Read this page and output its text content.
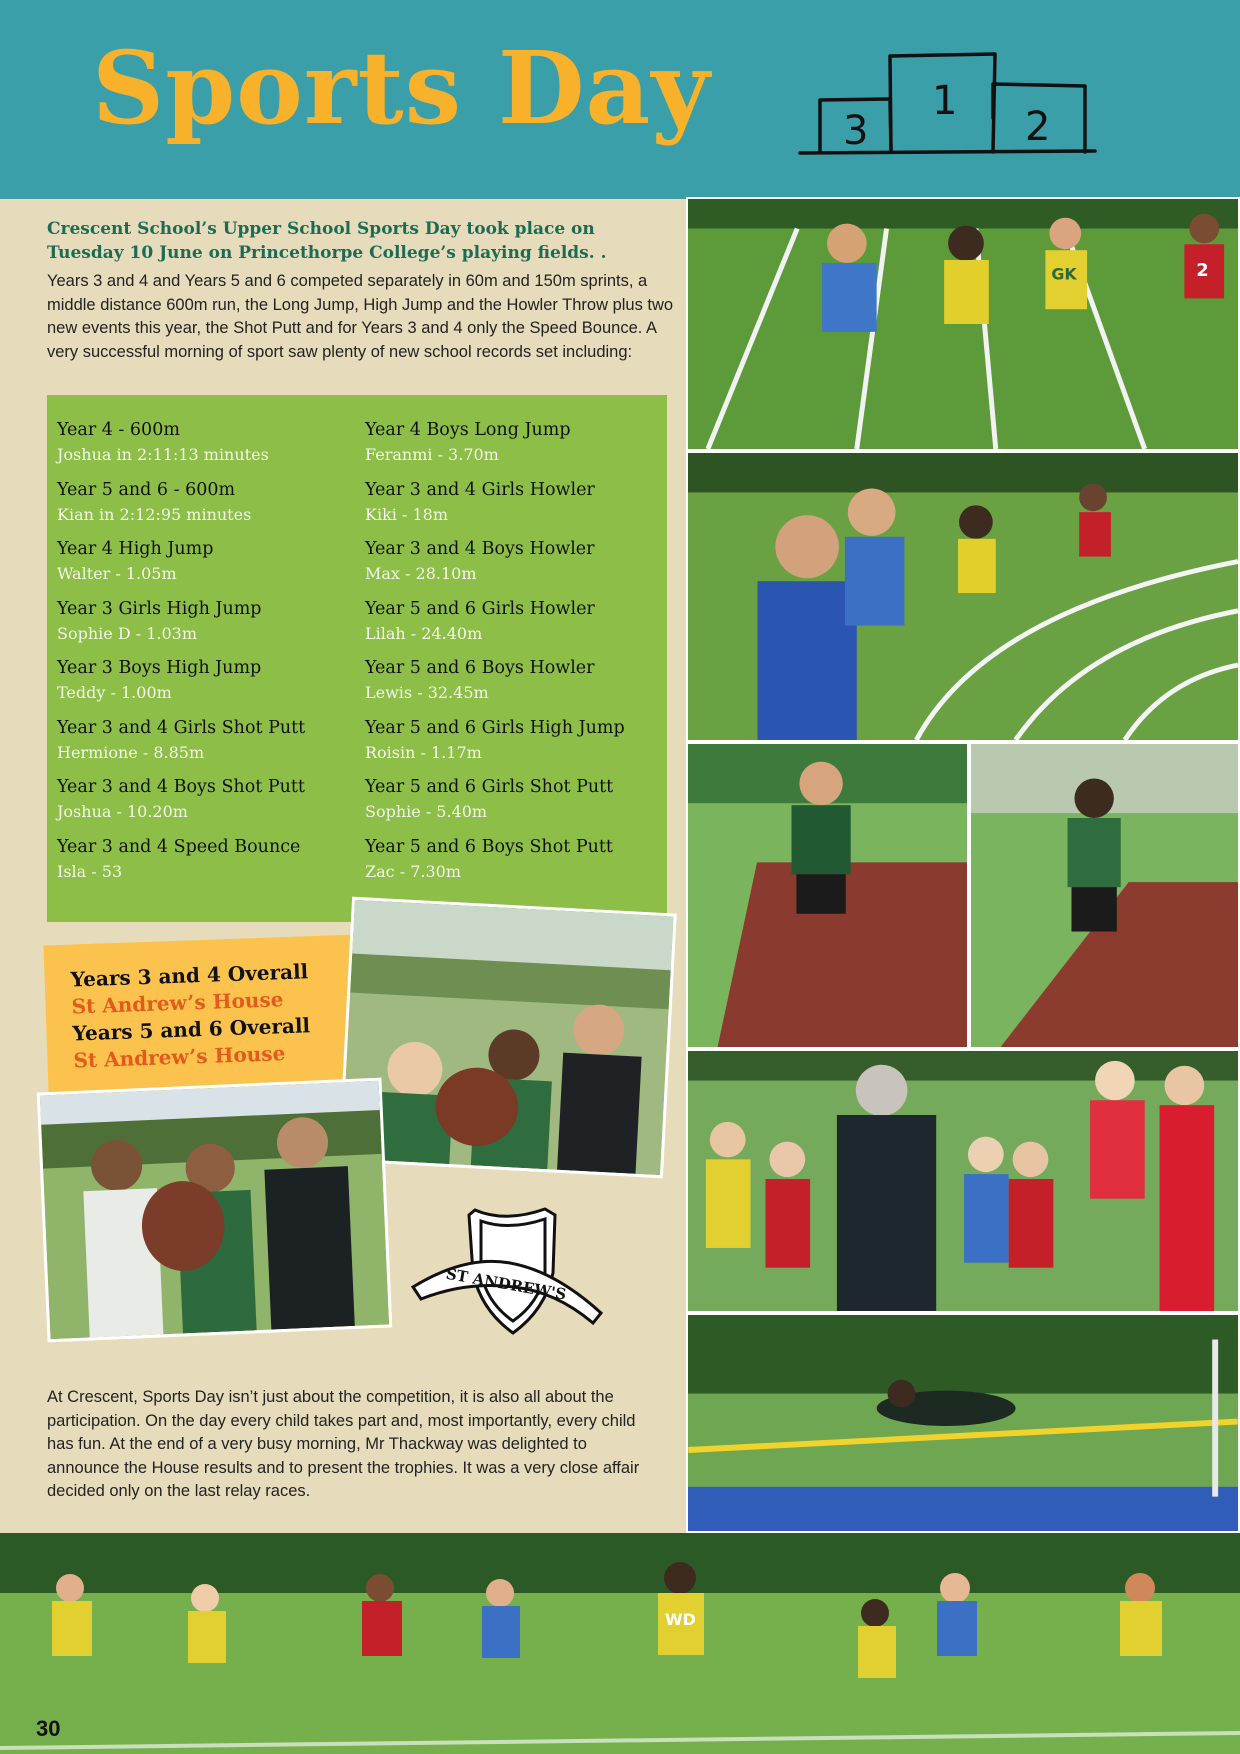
Sports Day	3
1
2
Crescent School’s Upper School Sports Day took place on Tuesday 10 June on Princethorpe College’s playing fields. .
Years 3 and 4 and Years 5 and 6 competed separately in 60m and 150m sprints, a middle distance 600m run, the Long Jump, High Jump and the Howler Throw plus two new events this year, the Shot Putt and for Years 3 and 4 only the Speed Bounce. A very successful morning of sport saw plenty of new school records set including:
Year 4 - 600m
Joshua in 2:11:13 minutes
Year 5 and 6 - 600m
Kian in 2:12:95 minutes
Year 4 High Jump
Walter - 1.05m
Year 3 Girls High Jump
Sophie D - 1.03m
Year 3 Boys High Jump
Teddy - 1.00m
Year 3 and 4 Girls Shot Putt
Hermione - 8.85m
Year 3 and 4 Boys Shot Putt
Joshua - 10.20m
Year 3 and 4 Speed Bounce
Isla - 53
Year 4 Boys Long Jump
Feranmi - 3.70m
Year 3 and 4 Girls Howler
Kiki - 18m
Year 3 and 4 Boys Howler
Max - 28.10m
Year 5 and 6 Girls Howler
Lilah - 24.40m
Year 5 and 6 Boys Howler
Lewis - 32.45m
Year 5 and 6 Girls High Jump
Roisin - 1.17m
Year 5 and 6 Girls Shot Putt
Sophie - 5.40m
Year 5 and 6 Boys Shot Putt
Zac - 7.30m
Years 3 and 4 Overall
St Andrew’s House
Years 5 and 6 Overall
St Andrew’s House
ST ANDREW'S
At Crescent, Sports Day isn’t just about the competition, it is also all about the participation. On the day every child takes part and, most importantly, every child has fun. At the end of a very busy morning, Mr Thackway was delighted to announce the House results and to present the trophies. It was a very close affair decided only on the last relay races.
GK	2
WD
30
